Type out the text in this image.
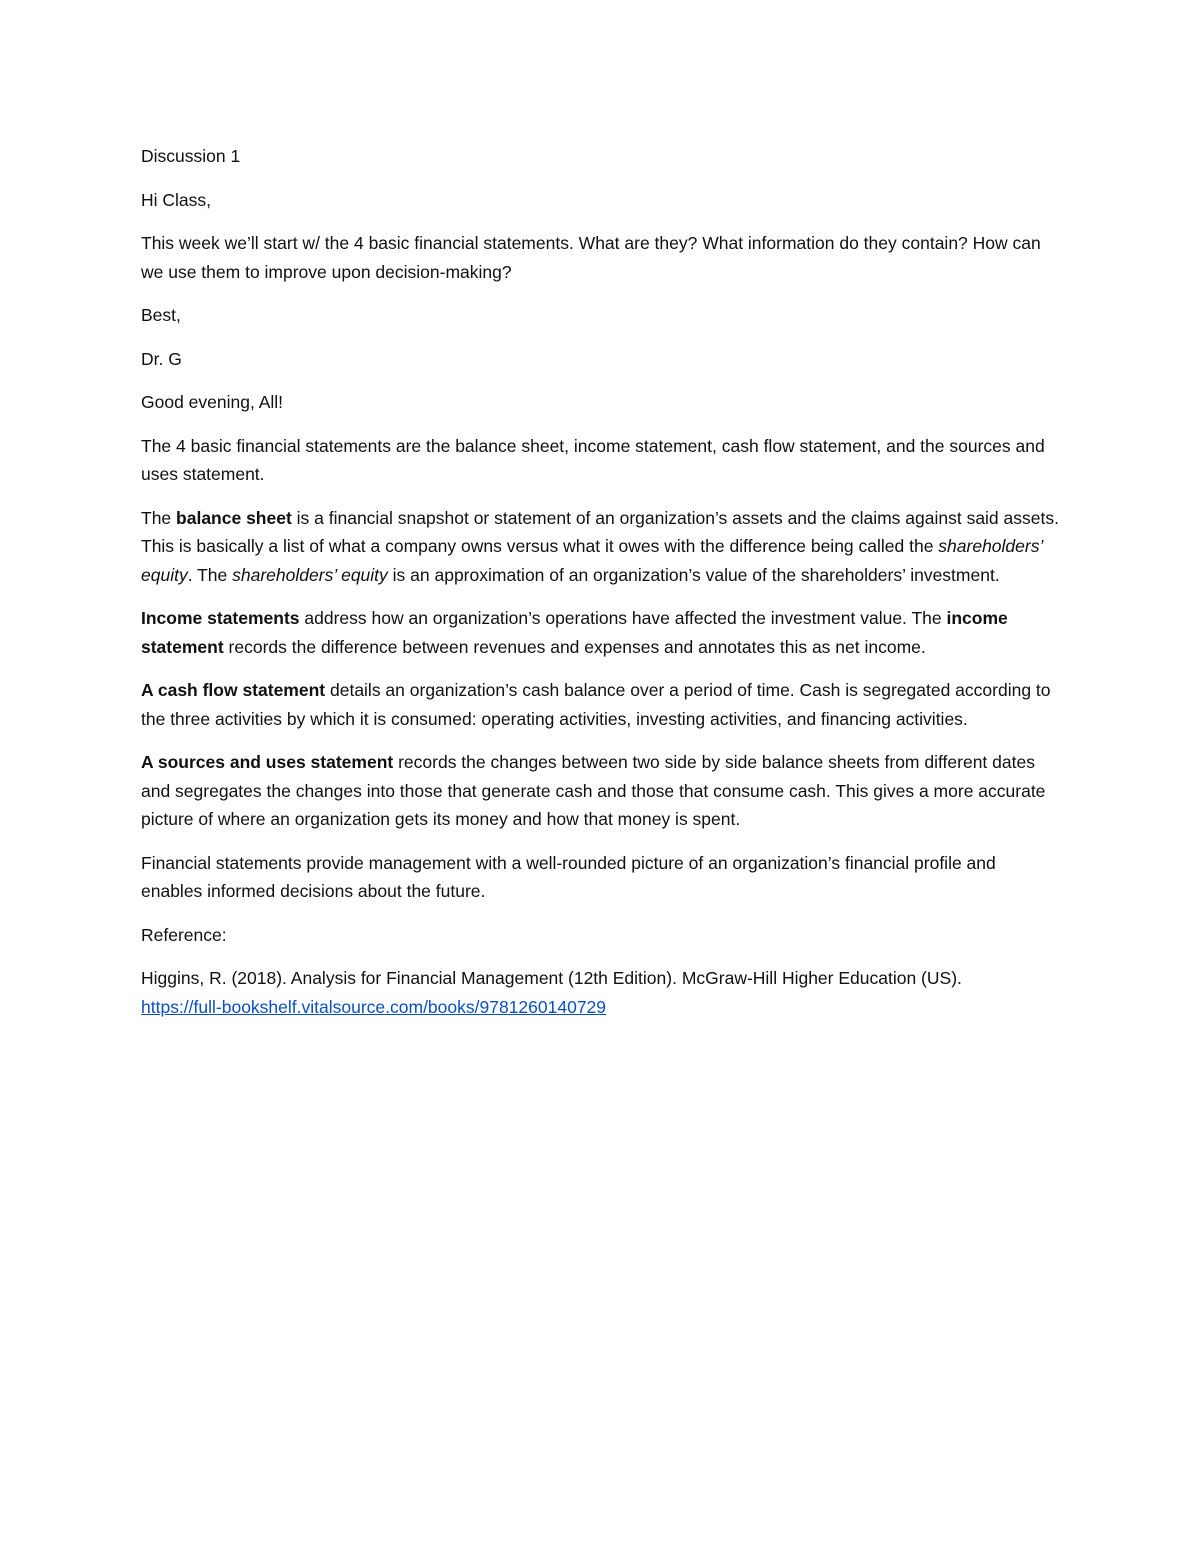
Discussion 1

Hi Class,

This week we’ll start w/ the 4 basic financial statements. What are they? What information do they contain? How can we use them to improve upon decision-making?

Best,

Dr. G

Good evening, All!

The 4 basic financial statements are the balance sheet, income statement, cash flow statement, and the sources and uses statement.

The balance sheet is a financial snapshot or statement of an organization’s assets and the claims against said assets. This is basically a list of what a company owns versus what it owes with the difference being called the shareholders’ equity. The shareholders’ equity is an approximation of an organization’s value of the shareholders’ investment.

Income statements address how an organization’s operations have affected the investment value. The income statement records the difference between revenues and expenses and annotates this as net income.

A cash flow statement details an organization’s cash balance over a period of time. Cash is segregated according to the three activities by which it is consumed: operating activities, investing activities, and financing activities.

A sources and uses statement records the changes between two side by side balance sheets from different dates and segregates the changes into those that generate cash and those that consume cash. This gives a more accurate picture of where an organization gets its money and how that money is spent.

Financial statements provide management with a well-rounded picture of an organization’s financial profile and enables informed decisions about the future.

Reference:

Higgins, R. (2018). Analysis for Financial Management (12th Edition). McGraw-Hill Higher Education (US).
https://full-bookshelf.vitalsource.com/books/9781260140729
